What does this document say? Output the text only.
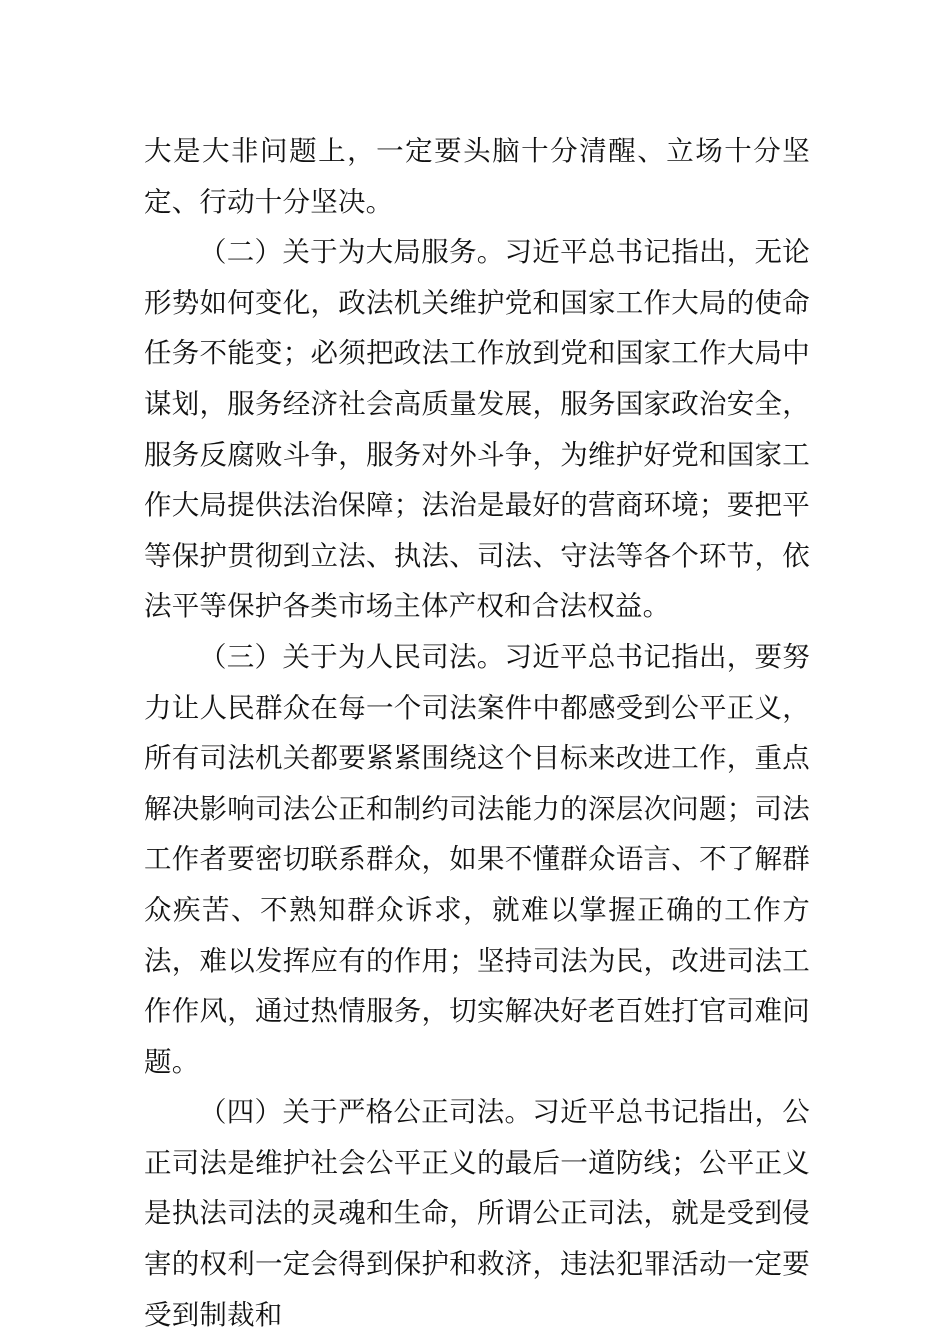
大是大非问题上，一定要头脑十分清醒、立场十分坚定、行动十分坚决。

（二）关于为大局服务。习近平总书记指出，无论形势如何变化，政法机关维护党和国家工作大局的使命任务不能变；必须把政法工作放到党和国家工作大局中谋划，服务经济社会高质量发展，服务国家政治安全，服务反腐败斗争，服务对外斗争，为维护好党和国家工作大局提供法治保障；法治是最好的营商环境；要把平等保护贯彻到立法、执法、司法、守法等各个环节，依法平等保护各类市场主体产权和合法权益。

（三）关于为人民司法。习近平总书记指出，要努力让人民群众在每一个司法案件中都感受到公平正义，所有司法机关都要紧紧围绕这个目标来改进工作，重点解决影响司法公正和制约司法能力的深层次问题；司法工作者要密切联系群众，如果不懂群众语言、不了解群众疾苦、不熟知群众诉求，就难以掌握正确的工作方法，难以发挥应有的作用；坚持司法为民，改进司法工作作风，通过热情服务，切实解决好老百姓打官司难问题。

（四）关于严格公正司法。习近平总书记指出，公正司法是维护社会公平正义的最后一道防线；公平正义是执法司法的灵魂和生命，所谓公正司法，就是受到侵害的权利一定会得到保护和救济，违法犯罪活动一定要受到制裁和
